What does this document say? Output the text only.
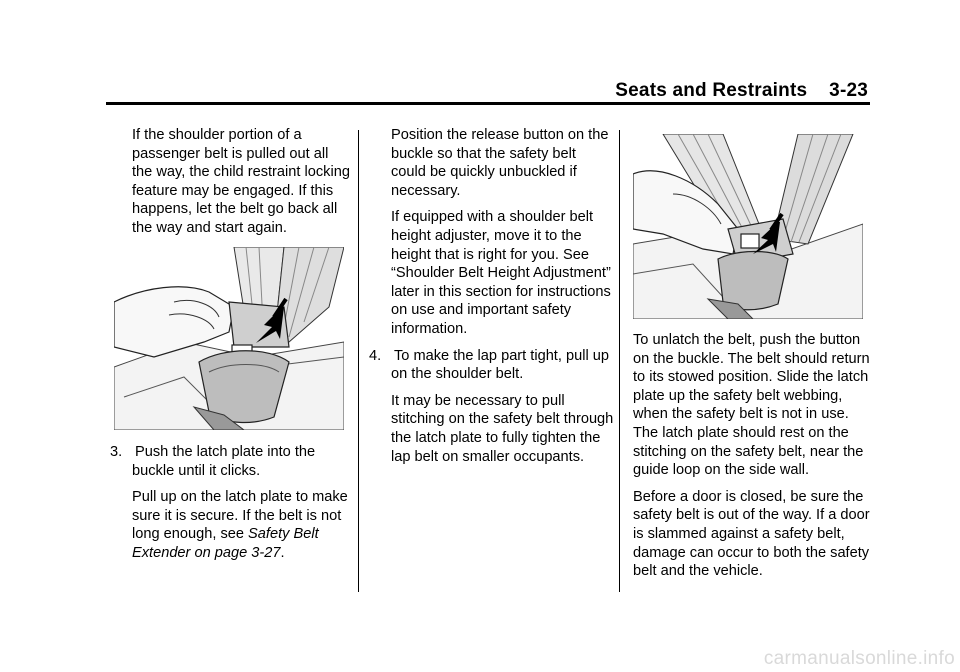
Seats and Restraints 3-23

If the shoulder portion of a passenger belt is pulled out all the way, the child restraint locking feature may be engaged. If this happens, let the belt go back all the way and start again.

3. Push the latch plate into the buckle until it clicks.

Pull up on the latch plate to make sure it is secure. If the belt is not long enough, see Safety Belt Extender on page 3-27.

Position the release button on the buckle so that the safety belt could be quickly unbuckled if necessary.

If equipped with a shoulder belt height adjuster, move it to the height that is right for you. See “Shoulder Belt Height Adjustment” later in this section for instructions on use and important safety information.

4. To make the lap part tight, pull up on the shoulder belt.

It may be necessary to pull stitching on the safety belt through the latch plate to fully tighten the lap belt on smaller occupants.

To unlatch the belt, push the button on the buckle. The belt should return to its stowed position. Slide the latch plate up the safety belt webbing, when the safety belt is not in use. The latch plate should rest on the stitching on the safety belt, near the guide loop on the side wall.

Before a door is closed, be sure the safety belt is out of the way. If a door is slammed against a safety belt, damage can occur to both the safety belt and the vehicle.

carmanualsonline.info
